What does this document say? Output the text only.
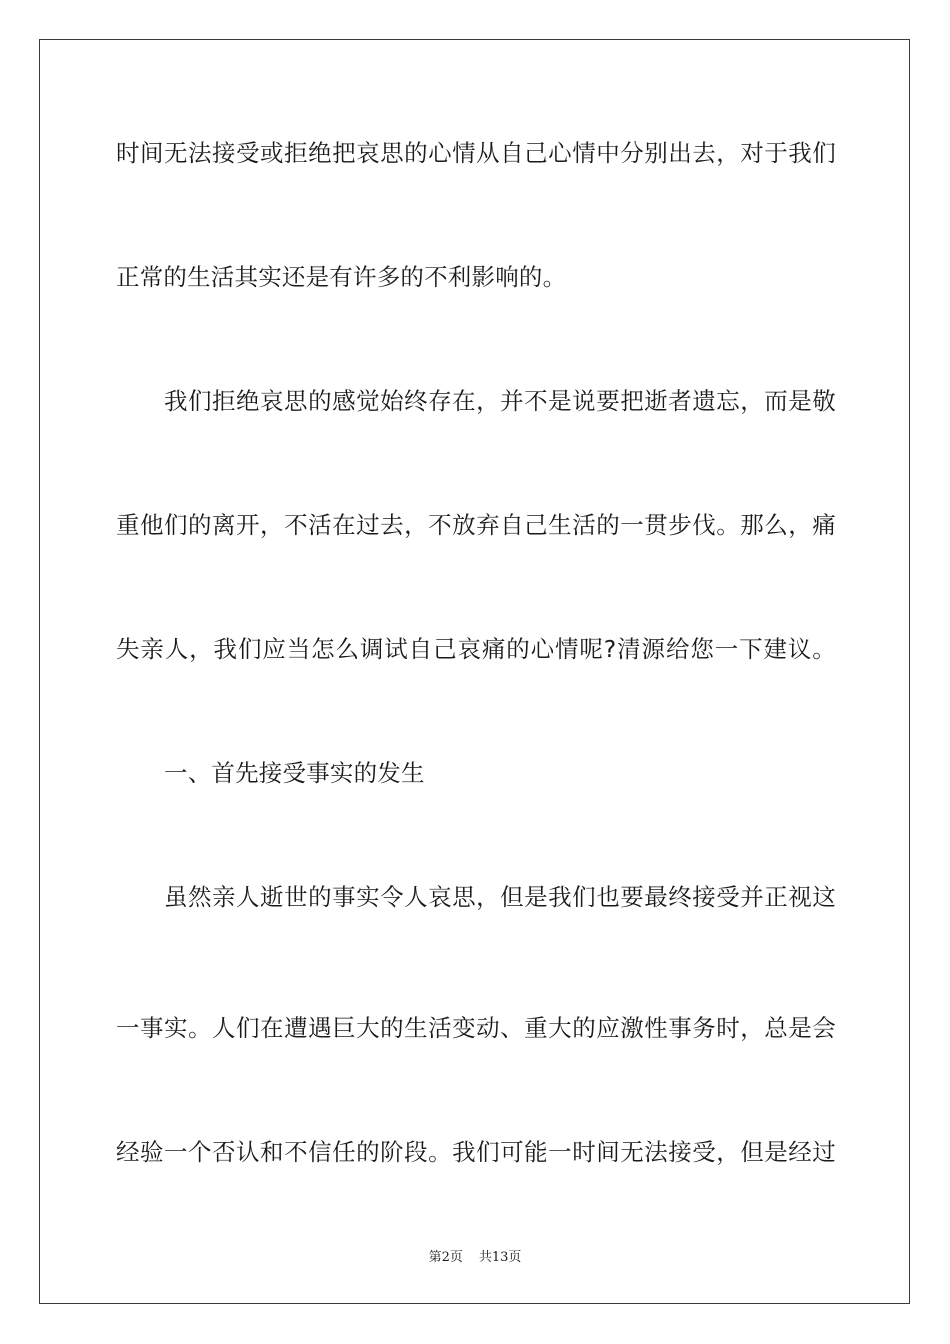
时间无法接受或拒绝把哀思的心情从自己心情中分别出去，对于我们
正常的生活其实还是有许多的不利影响的。
我们拒绝哀思的感觉始终存在，并不是说要把逝者遗忘，而是敬
重他们的离开，不活在过去，不放弃自己生活的一贯步伐。那么，痛
失亲人，我们应当怎么调试自己哀痛的心情呢?清源给您一下建议。
一、首先接受事实的发生
虽然亲人逝世的事实令人哀思，但是我们也要最终接受并正视这
一事实。人们在遭遇巨大的生活变动、重大的应激性事务时，总是会
经验一个否认和不信任的阶段。我们可能一时间无法接受，但是经过
第2页 共13页
